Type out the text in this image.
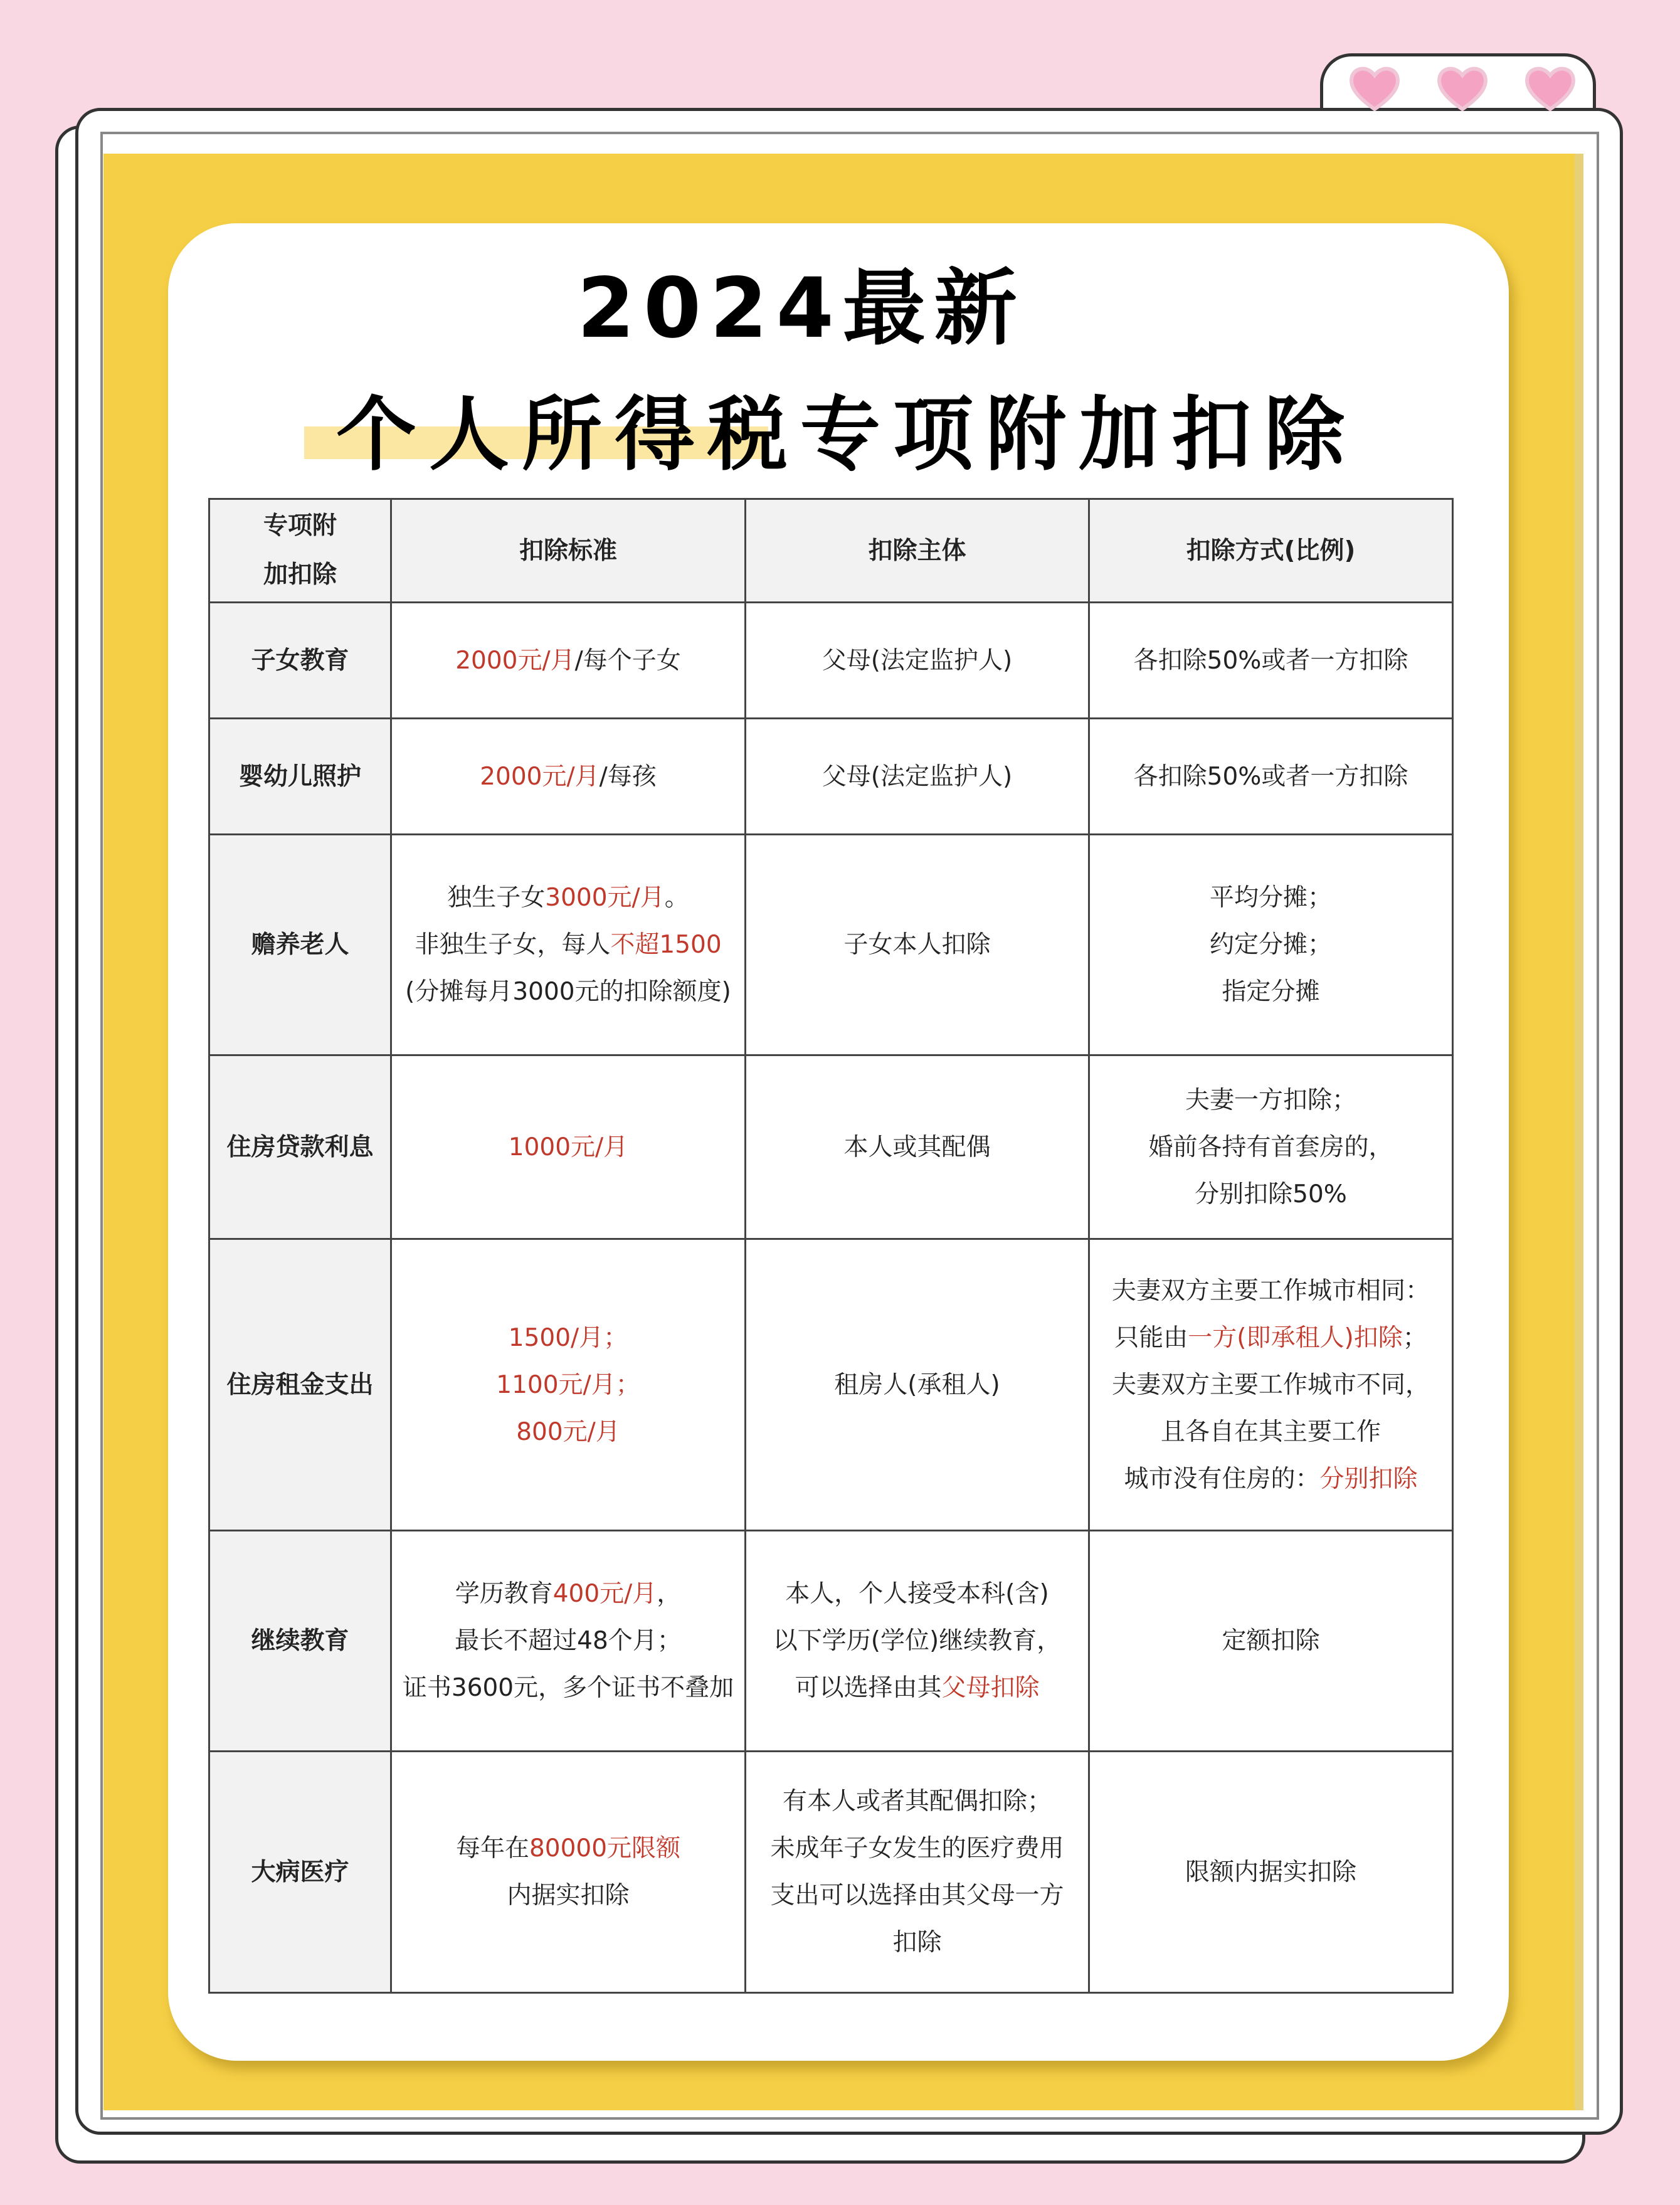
2024最新
个人所得税专项附加扣除
专项附加扣除	扣除标准	扣除主体	扣除方式(比例)
子女教育	2000元/月/每个子女	父母(法定监护人)	各扣除50%或者一方扣除

婴幼儿照护	2000元/月/每孩	父母(法定监护人)	各扣除50%或者一方扣除

赡养老人	独生子女3000元/月。
非独生子女，每人不超1500
(分摊每月3000元的扣除额度)	子女本人扣除	平均分摊；
约定分摊；
指定分摊

住房贷款利息	1000元/月	本人或其配偶	夫妻一方扣除；
婚前各持有首套房的，
分别扣除50%

住房租金支出	1500/月；
1100元/月；
800元/月	租房人(承租人)	夫妻双方主要工作城市相同：
只能由一方(即承租人)扣除；
夫妻双方主要工作城市不同，
且各自在其主要工作
城市没有住房的：分别扣除

继续教育	学历教育400元/月，
最长不超过48个月；
证书3600元，多个证书不叠加	本人，个人接受本科(含)
以下学历(学位)继续教育，
可以选择由其父母扣除	定额扣除

大病医疗	每年在80000元限额
内据实扣除	有本人或者其配偶扣除；
未成年子女发生的医疗费用
支出可以选择由其父母一方
扣除	限额内据实扣除
